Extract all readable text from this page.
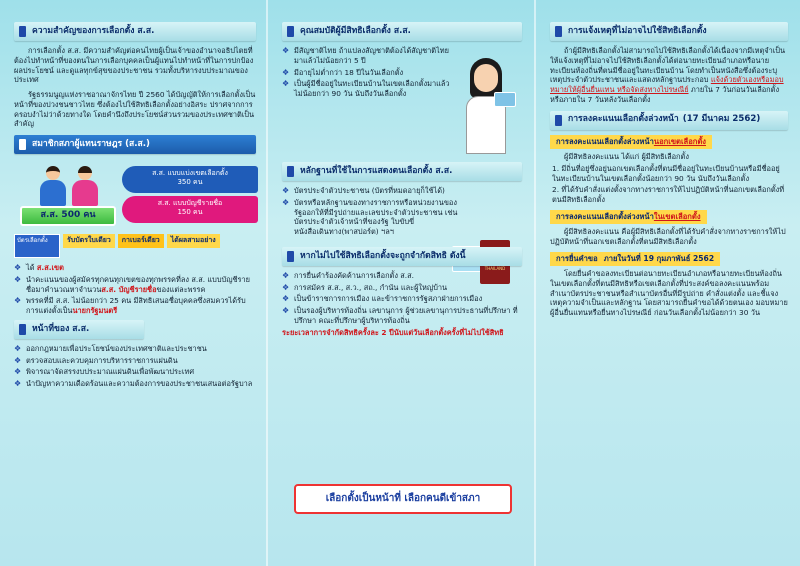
ความสำคัญของการเลือกตั้ง ส.ส.

การเลือกตั้ง ส.ส. มีความสำคัญต่อคนไทยผู้เป็นเจ้าของอำนาจอธิปไตยที่ต้องไปทำหน้าที่ของตนในการเลือกบุคคลเป็นผู้แทนไปทำหน้าที่ในการปกป้องผลประโยชน์ และดูแลทุกข์สุขของประชาชน รวมทั้งบริหารงบประมาณของประเทศ

รัฐธรรมนูญแห่งราชอาณาจักรไทย ปี 2560 ได้บัญญัติให้การเลือกตั้งเป็นหน้าที่ของปวงชนชาวไทย ซึ่งต้องไปใช้สิทธิเลือกตั้งอย่างอิสระ ปราศจากการครอบงำไม่ว่าด้วยทางใด โดยคำนึงถึงประโยชน์ส่วนรวมของประเทศชาติเป็นสำคัญ

สมาชิกสภาผู้แทนราษฎร (ส.ส.)
ส.ส. 500 คน
ส.ส. แบบแบ่งเขตเลือกตั้ง
350 คน
ส.ส. แบบบัญชีรายชื่อ
150 คน
บัตรเลือกตั้ง	รับบัตรใบเดียว	กาเบอร์เดียว	ได้ผลสามอย่าง
❖ ได้ ส.ส.เขต
❖ นำคะแนนของผู้สมัครทุกคนทุกเขตของทุกพรรคที่ลง ส.ส. แบบบัญชีรายชื่อมาคำนวณหาจำนวนส.ส. บัญชีรายชื่อของแต่ละพรรค
❖ พรรคที่มี ส.ส. ไม่น้อยกว่า 25 คน มีสิทธิเสนอชื่อบุคคลซึ่งสมควรได้รับการแต่งตั้งเป็นนายกรัฐมนตรี
หน้าที่ของ ส.ส.
❖ ออกกฎหมายเพื่อประโยชน์ของประเทศชาติและประชาชน
❖ ตรวจสอบและควบคุมการบริหารราชการแผ่นดิน
❖ พิจารณาจัดสรรงบประมาณแผ่นดินเพื่อพัฒนาประเทศ
❖ นำปัญหาความเดือดร้อนและความต้องการของประชาชนเสนอต่อรัฐบาล
คุณสมบัติผู้มีสิทธิเลือกตั้ง ส.ส.
❖ มีสัญชาติไทย ถ้าแปลงสัญชาติต้องได้สัญชาติไทยมาแล้วไม่น้อยกว่า 5 ปี
❖ มีอายุไม่ต่ำกว่า 18 ปีในวันเลือกตั้ง
❖ เป็นผู้มีชื่ออยู่ในทะเบียนบ้านในเขตเลือกตั้งมาแล้วไม่น้อยกว่า 90 วัน นับถึงวันเลือกตั้ง
หลักฐานที่ใช้ในการแสดงตนเลือกตั้ง ส.ส.
❖ บัตรประจำตัวประชาชน (บัตรที่หมดอายุก็ใช้ได้)
❖ บัตรหรือหลักฐานของทางราชการหรือหน่วยงานของรัฐออกให้ที่มีรูปถ่ายและเลขประจำตัวประชาชน เช่น บัตรประจำตัวเจ้าหน้าที่ของรัฐ ใบขับขี่ หนังสือเดินทาง(พาสปอร์ต) ฯลฯ
THAILAND
หากไม่ไปใช้สิทธิเลือกตั้งจะถูกจำกัดสิทธิ ดังนี้
❖ การยื่นคำร้องคัดค้านการเลือกตั้ง ส.ส.
❖ การสมัคร ส.ส., ส.ว., สถ., กำนัน และผู้ใหญ่บ้าน
❖ เป็นข้าราชการการเมือง และข้าราชการรัฐสภาฝ่ายการเมือง
❖ เป็นรองผู้บริหารท้องถิ่น เลขานุการ ผู้ช่วยเลขานุการประธานที่ปรึกษา ที่ปรึกษา คณะที่ปรึกษาผู้บริหารท้องถิ่น

ระยะเวลาการจำกัดสิทธิครั้งละ 2 ปีนับแต่วันเลือกตั้งครั้งที่ไม่ไปใช้สิทธิ

เลือกตั้งเป็นหน้าที่ เลือกคนดีเข้าสภา
การแจ้งเหตุที่ไม่อาจไปใช้สิทธิเลือกตั้ง

ถ้าผู้มีสิทธิเลือกตั้งไม่สามารถไปใช้สิทธิเลือกตั้งได้เนื่องจากมีเหตุจำเป็น ให้แจ้งเหตุที่ไม่อาจไปใช้สิทธิเลือกตั้งได้ต่อนายทะเบียนอำเภอหรือนายทะเบียนท้องถิ่นที่ตนมีชื่ออยู่ในทะเบียนบ้าน โดยทำเป็นหนังสือซึ่งต้องระบุเหตุประจำตัวประชาชนและแสดงหลักฐานประกอบ แจ้งด้วยตัวเองหรือมอบหมายให้ผู้อื่นยื่นแทน หรือจัดส่งทางไปรษณีย์ ภายใน 7 วันก่อนวันเลือกตั้ง หรือภายใน 7 วันหลังวันเลือกตั้ง

การลงคะแนนเลือกตั้งล่วงหน้า (17 มีนาคม 2562)
การลงคะแนนเลือกตั้งล่วงหน้านอกเขตเลือกตั้ง

ผู้มีสิทธิลงคะแนน ได้แก่ ผู้มีสิทธิเลือกตั้ง

1. มีถิ่นที่อยู่ซึ่งอยู่นอกเขตเลือกตั้งที่ตนมีชื่ออยู่ในทะเบียนบ้านหรือมีชื่ออยู่ในทะเบียนบ้านในเขตเลือกตั้งน้อยกว่า 90 วัน นับถึงวันเลือกตั้ง
2. ที่ได้รับคำสั่งแต่งตั้งจากทางราชการให้ไปปฏิบัติหน้าที่นอกเขตเลือกตั้งที่ตนมีสิทธิเลือกตั้ง
การลงคะแนนเลือกตั้งล่วงหน้าในเขตเลือกตั้ง

ผู้มีสิทธิลงคะแนน คือผู้มีสิทธิเลือกตั้งที่ได้รับคำสั่งจากทางราชการให้ไปปฏิบัติหน้าที่นอกเขตเลือกตั้งที่ตนมีสิทธิเลือกตั้ง

การยื่นคำขอ ภายในวันที่ 19 กุมภาพันธ์ 2562

โดยยื่นคำขอลงทะเบียนต่อนายทะเบียนอำเภอหรือนายทะเบียนท้องถิ่นในเขตเลือกตั้งที่ตนมีสิทธิหรือเขตเลือกตั้งที่ประสงค์ขอลงคะแนนพร้อมสำเนาบัตรประชาชนหรือสำเนาบัตรอื่นที่มีรูปถ่าย คำสั่งแต่งตั้ง และชี้แจงเหตุความจำเป็นและหลักฐาน โดยสามารถยื่นคำขอได้ด้วยตนเอง มอบหมายผู้อื่นยื่นแทนหรือยื่นทางไปรษณีย์ ก่อนวันเลือกตั้งไม่น้อยกว่า 30 วัน
